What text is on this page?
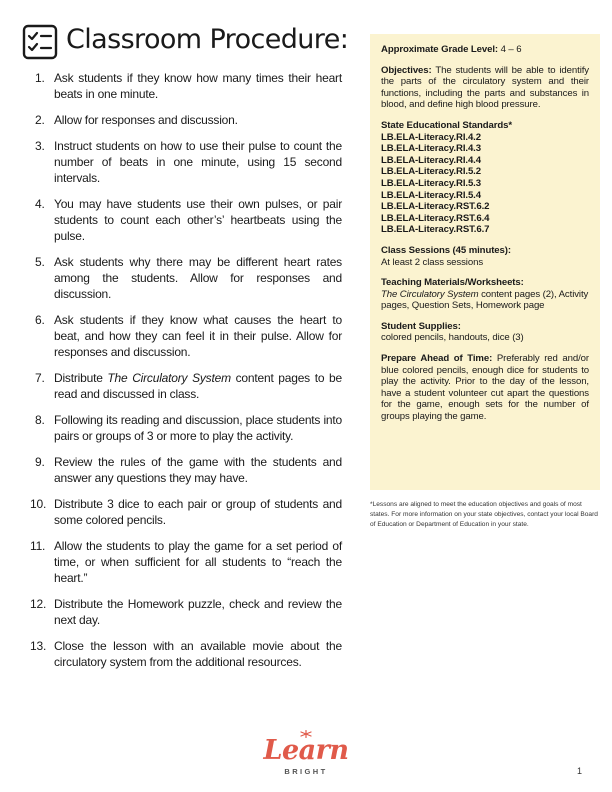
Classroom Procedure:
1. Ask students if they know how many times their heart beats in one minute.
2. Allow for responses and discussion.
3. Instruct students on how to use their pulse to count the number of beats in one minute, using 15 second intervals.
4. You may have students use their own pulses, or pair students to count each other’s’ heartbeats using the pulse.
5. Ask students why there may be different heart rates among the students. Allow for responses and discussion.
6. Ask students if they know what causes the heart to beat, and how they can feel it in their pulse. Allow for responses and discussion.
7. Distribute The Circulatory System content pages to be read and discussed in class.
8. Following its reading and discussion, place students into pairs or groups of 3 or more to play the activity.
9. Review the rules of the game with the students and answer any questions they may have.
10. Distribute 3 dice to each pair or group of students and some colored pencils.
11. Allow the students to play the game for a set period of time, or when sufficient for all students to “reach the heart.”
12. Distribute the Homework puzzle, check and review the next day.
13. Close the lesson with an available movie about the circulatory system from the additional resources.
Approximate Grade Level: 4 – 6
Objectives: The students will be able to identify the parts of the circulatory system and their functions, including the parts and substances in blood, and define high blood pressure.
State Educational Standards*
LB.ELA-Literacy.RI.4.2
LB.ELA-Literacy.RI.4.3
LB.ELA-Literacy.RI.4.4
LB.ELA-Literacy.RI.5.2
LB.ELA-Literacy.RI.5.3
LB.ELA-Literacy.RI.5.4
LB.ELA-Literacy.RST.6.2
LB.ELA-Literacy.RST.6.4
LB.ELA-Literacy.RST.6.7
Class Sessions (45 minutes):
At least 2 class sessions
Teaching Materials/Worksheets:
The Circulatory System content pages (2), Activity pages, Question Sets, Homework page
Student Supplies:
colored pencils, handouts, dice (3)
Prepare Ahead of Time: Preferably red and/or blue colored pencils, enough dice for students to play the activity. Prior to the day of the lesson, have a student volunteer cut apart the questions for the game, enough sets for the number of groups playing the game.

*Lessons are aligned to meet the education objectives and goals of most states. For more information on your state objectives, contact your local Board of Education or Department of Education in your state.

Learn
BRIGHT	1
